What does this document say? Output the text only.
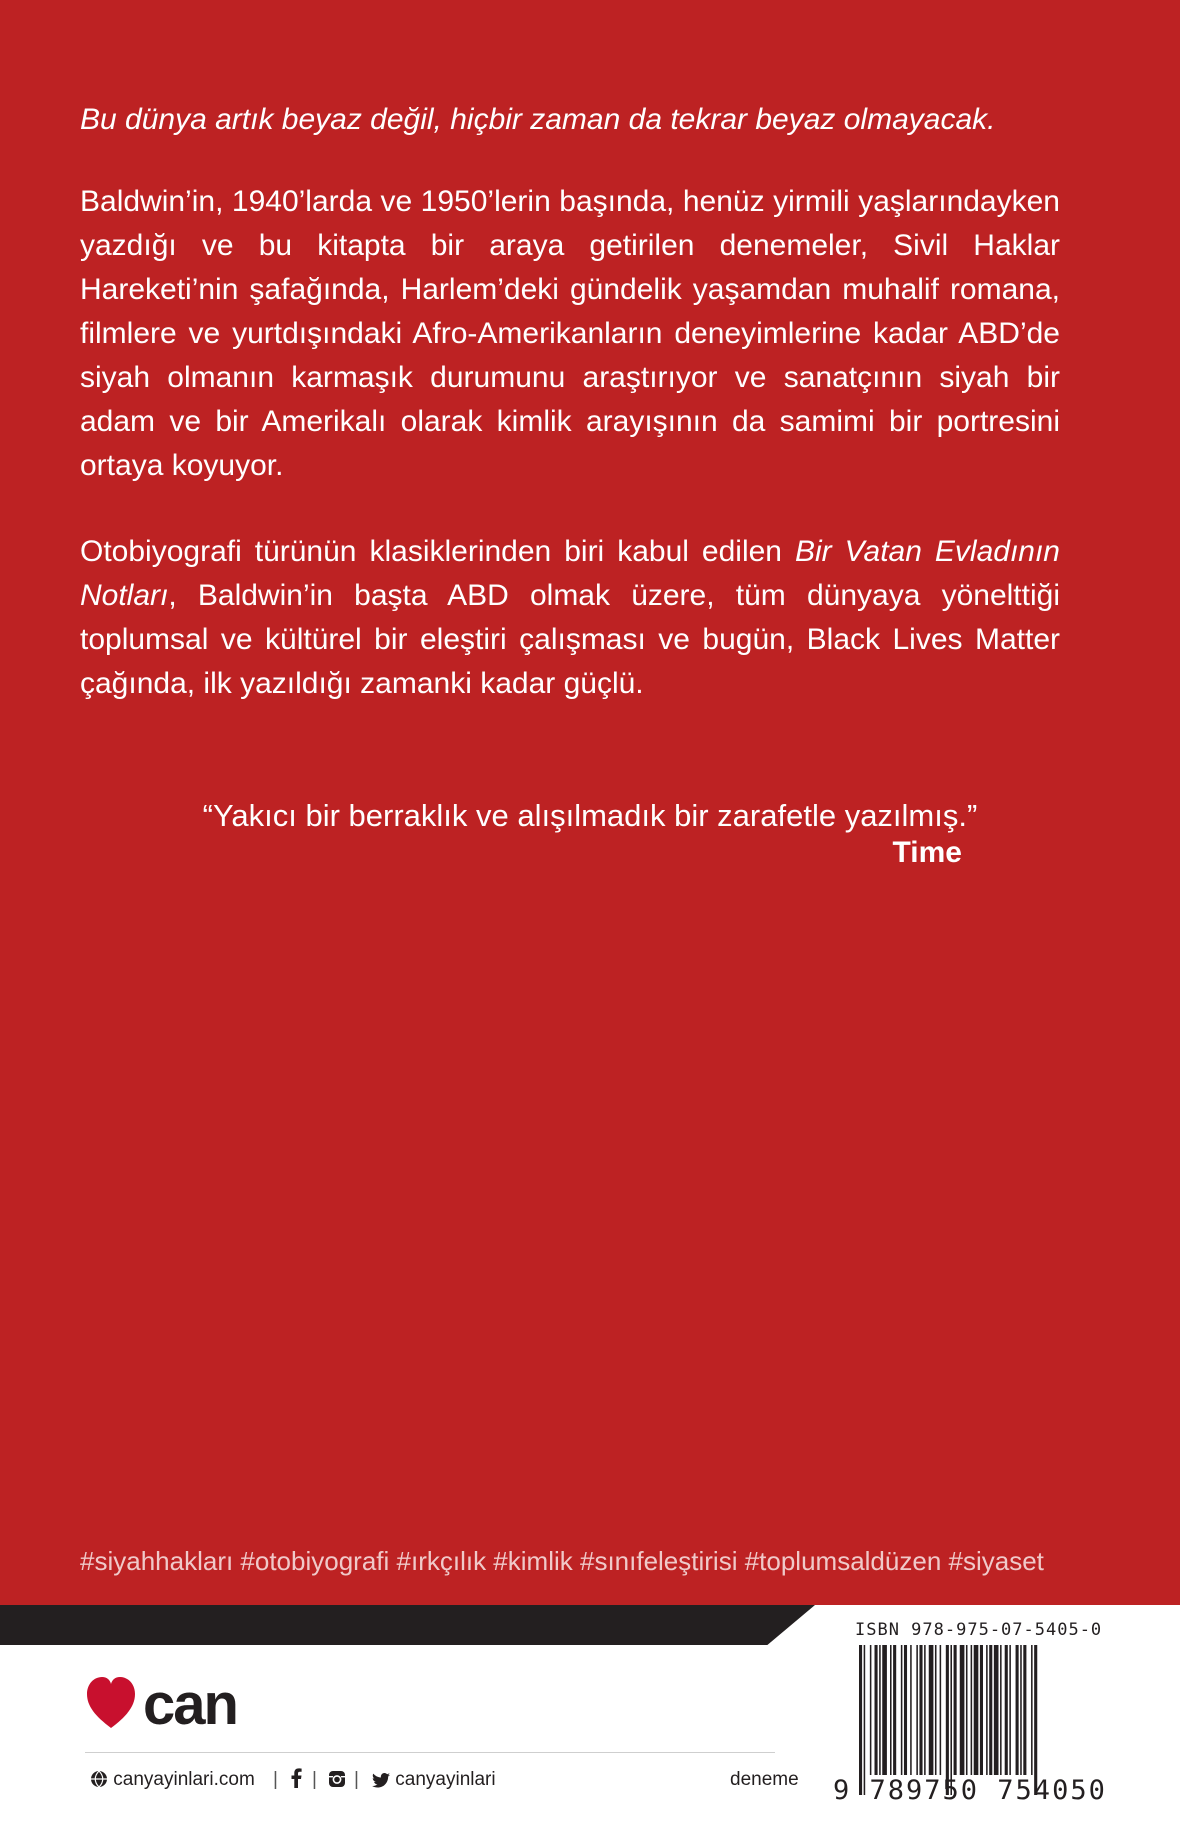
Bu dünya artık beyaz değil, hiçbir zaman da tekrar beyaz olmayacak.

Baldwin’in, 1940’larda ve 1950’lerin başında, henüz yirmili yaşlarındayken yazdığı ve bu kitapta bir araya getirilen denemeler, Sivil Haklar Hareketi’nin şafağında, Harlem’deki gündelik yaşamdan muhalif romana, filmlere ve yurtdışındaki Afro-Amerikanların deneyimlerine kadar ABD’de siyah olmanın karmaşık durumunu araştırıyor ve sanatçının siyah bir adam ve bir Amerikalı olarak kimlik arayışının da samimi bir portresini ortaya koyuyor.

Otobiyografi türünün klasiklerinden biri kabul edilen Bir Vatan Evladının Notları, Baldwin’in başta ABD olmak üzere, tüm dünyaya yönelttiği toplumsal ve kültürel bir eleştiri çalışması ve bugün, Black Lives Matter çağında, ilk yazıldığı zamanki kadar güçlü.

“Yakıcı bir berraklık ve alışılmadık bir zarafetle yazılmış.”

Time

#siyahhakları #otobiyografi #ırkçılık #kimlik #sınıfeleştirisi #toplumsaldüzen #siyaset

can
canyayinlari.com | | |	canyayinlari	deneme
ISBN 978-975-07-5405-0
9 789750 754050
